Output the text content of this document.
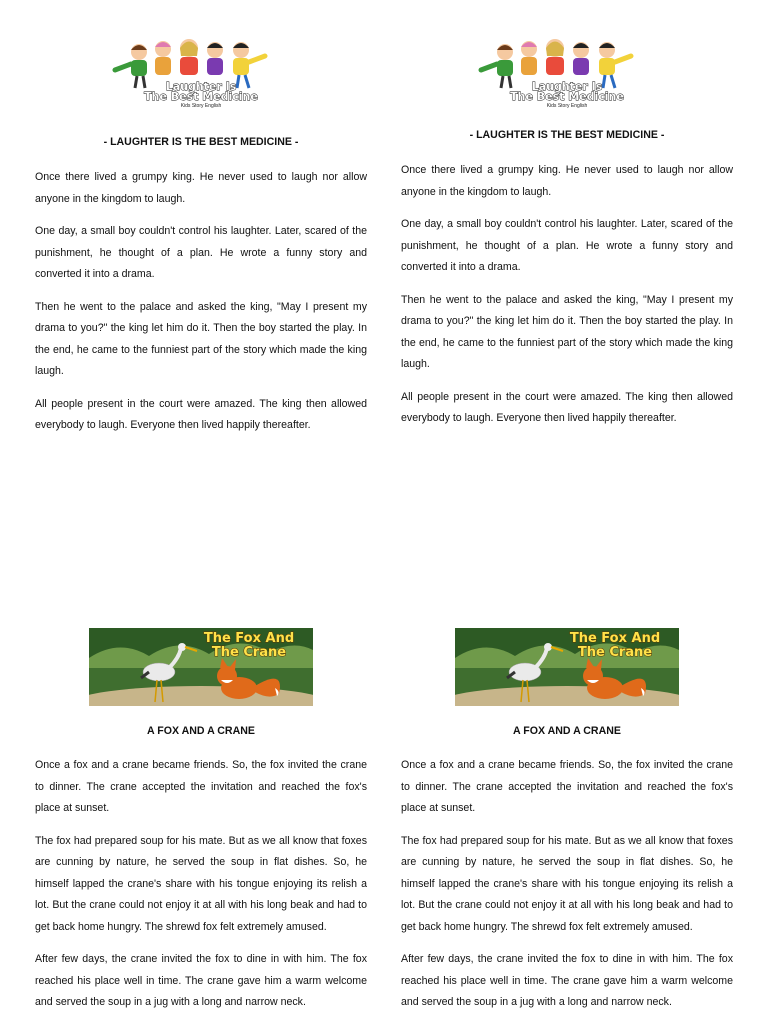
Laughter Is
The Best Medicine
Kids Story English

- LAUGHTER IS THE BEST MEDICINE -

Once there lived a grumpy king. He never used to laugh nor allow anyone in the kingdom to laugh.

One day, a small boy couldn't control his laughter. Later, scared of the punishment, he thought of a plan. He wrote a funny story and converted it into a drama.

Then he went to the palace and asked the king, "May I present my drama to you?" the king let him do it. Then the boy started the play. In the end, he came to the funniest part of the story which made the king laugh.

All people present in the court were amazed. The king then allowed everybody to laugh. Everyone then lived happily thereafter.

The Fox And
The Crane

A FOX AND A CRANE

Once a fox and a crane became friends. So, the fox invited the crane to dinner. The crane accepted the invitation and reached the fox's place at sunset.

The fox had prepared soup for his mate. But as we all know that foxes are cunning by nature, he served the soup in flat dishes. So, he himself lapped the crane's share with his tongue enjoying its relish a lot. But the crane could not enjoy it at all with his long beak and had to get back home hungry. The shrewd fox felt extremely amused.

After few days, the crane invited the fox to dine in with him. The fox reached his place well in time. The crane gave him a warm welcome and served the soup in a jug with a long and narrow neck.

Laughter Is
The Best Medicine
Kids Story English

- LAUGHTER IS THE BEST MEDICINE -

Once there lived a grumpy king. He never used to laugh nor allow anyone in the kingdom to laugh.

One day, a small boy couldn't control his laughter. Later, scared of the punishment, he thought of a plan. He wrote a funny story and converted it into a drama.

Then he went to the palace and asked the king, "May I present my drama to you?" the king let him do it. Then the boy started the play. In the end, he came to the funniest part of the story which made the king laugh.

All people present in the court were amazed. The king then allowed everybody to laugh. Everyone then lived happily thereafter.

The Fox And
The Crane

A FOX AND A CRANE

Once a fox and a crane became friends. So, the fox invited the crane to dinner. The crane accepted the invitation and reached the fox's place at sunset.

The fox had prepared soup for his mate. But as we all know that foxes are cunning by nature, he served the soup in flat dishes. So, he himself lapped the crane's share with his tongue enjoying its relish a lot. But the crane could not enjoy it at all with his long beak and had to get back home hungry. The shrewd fox felt extremely amused.

After few days, the crane invited the fox to dine in with him. The fox reached his place well in time. The crane gave him a warm welcome and served the soup in a jug with a long and narrow neck.
